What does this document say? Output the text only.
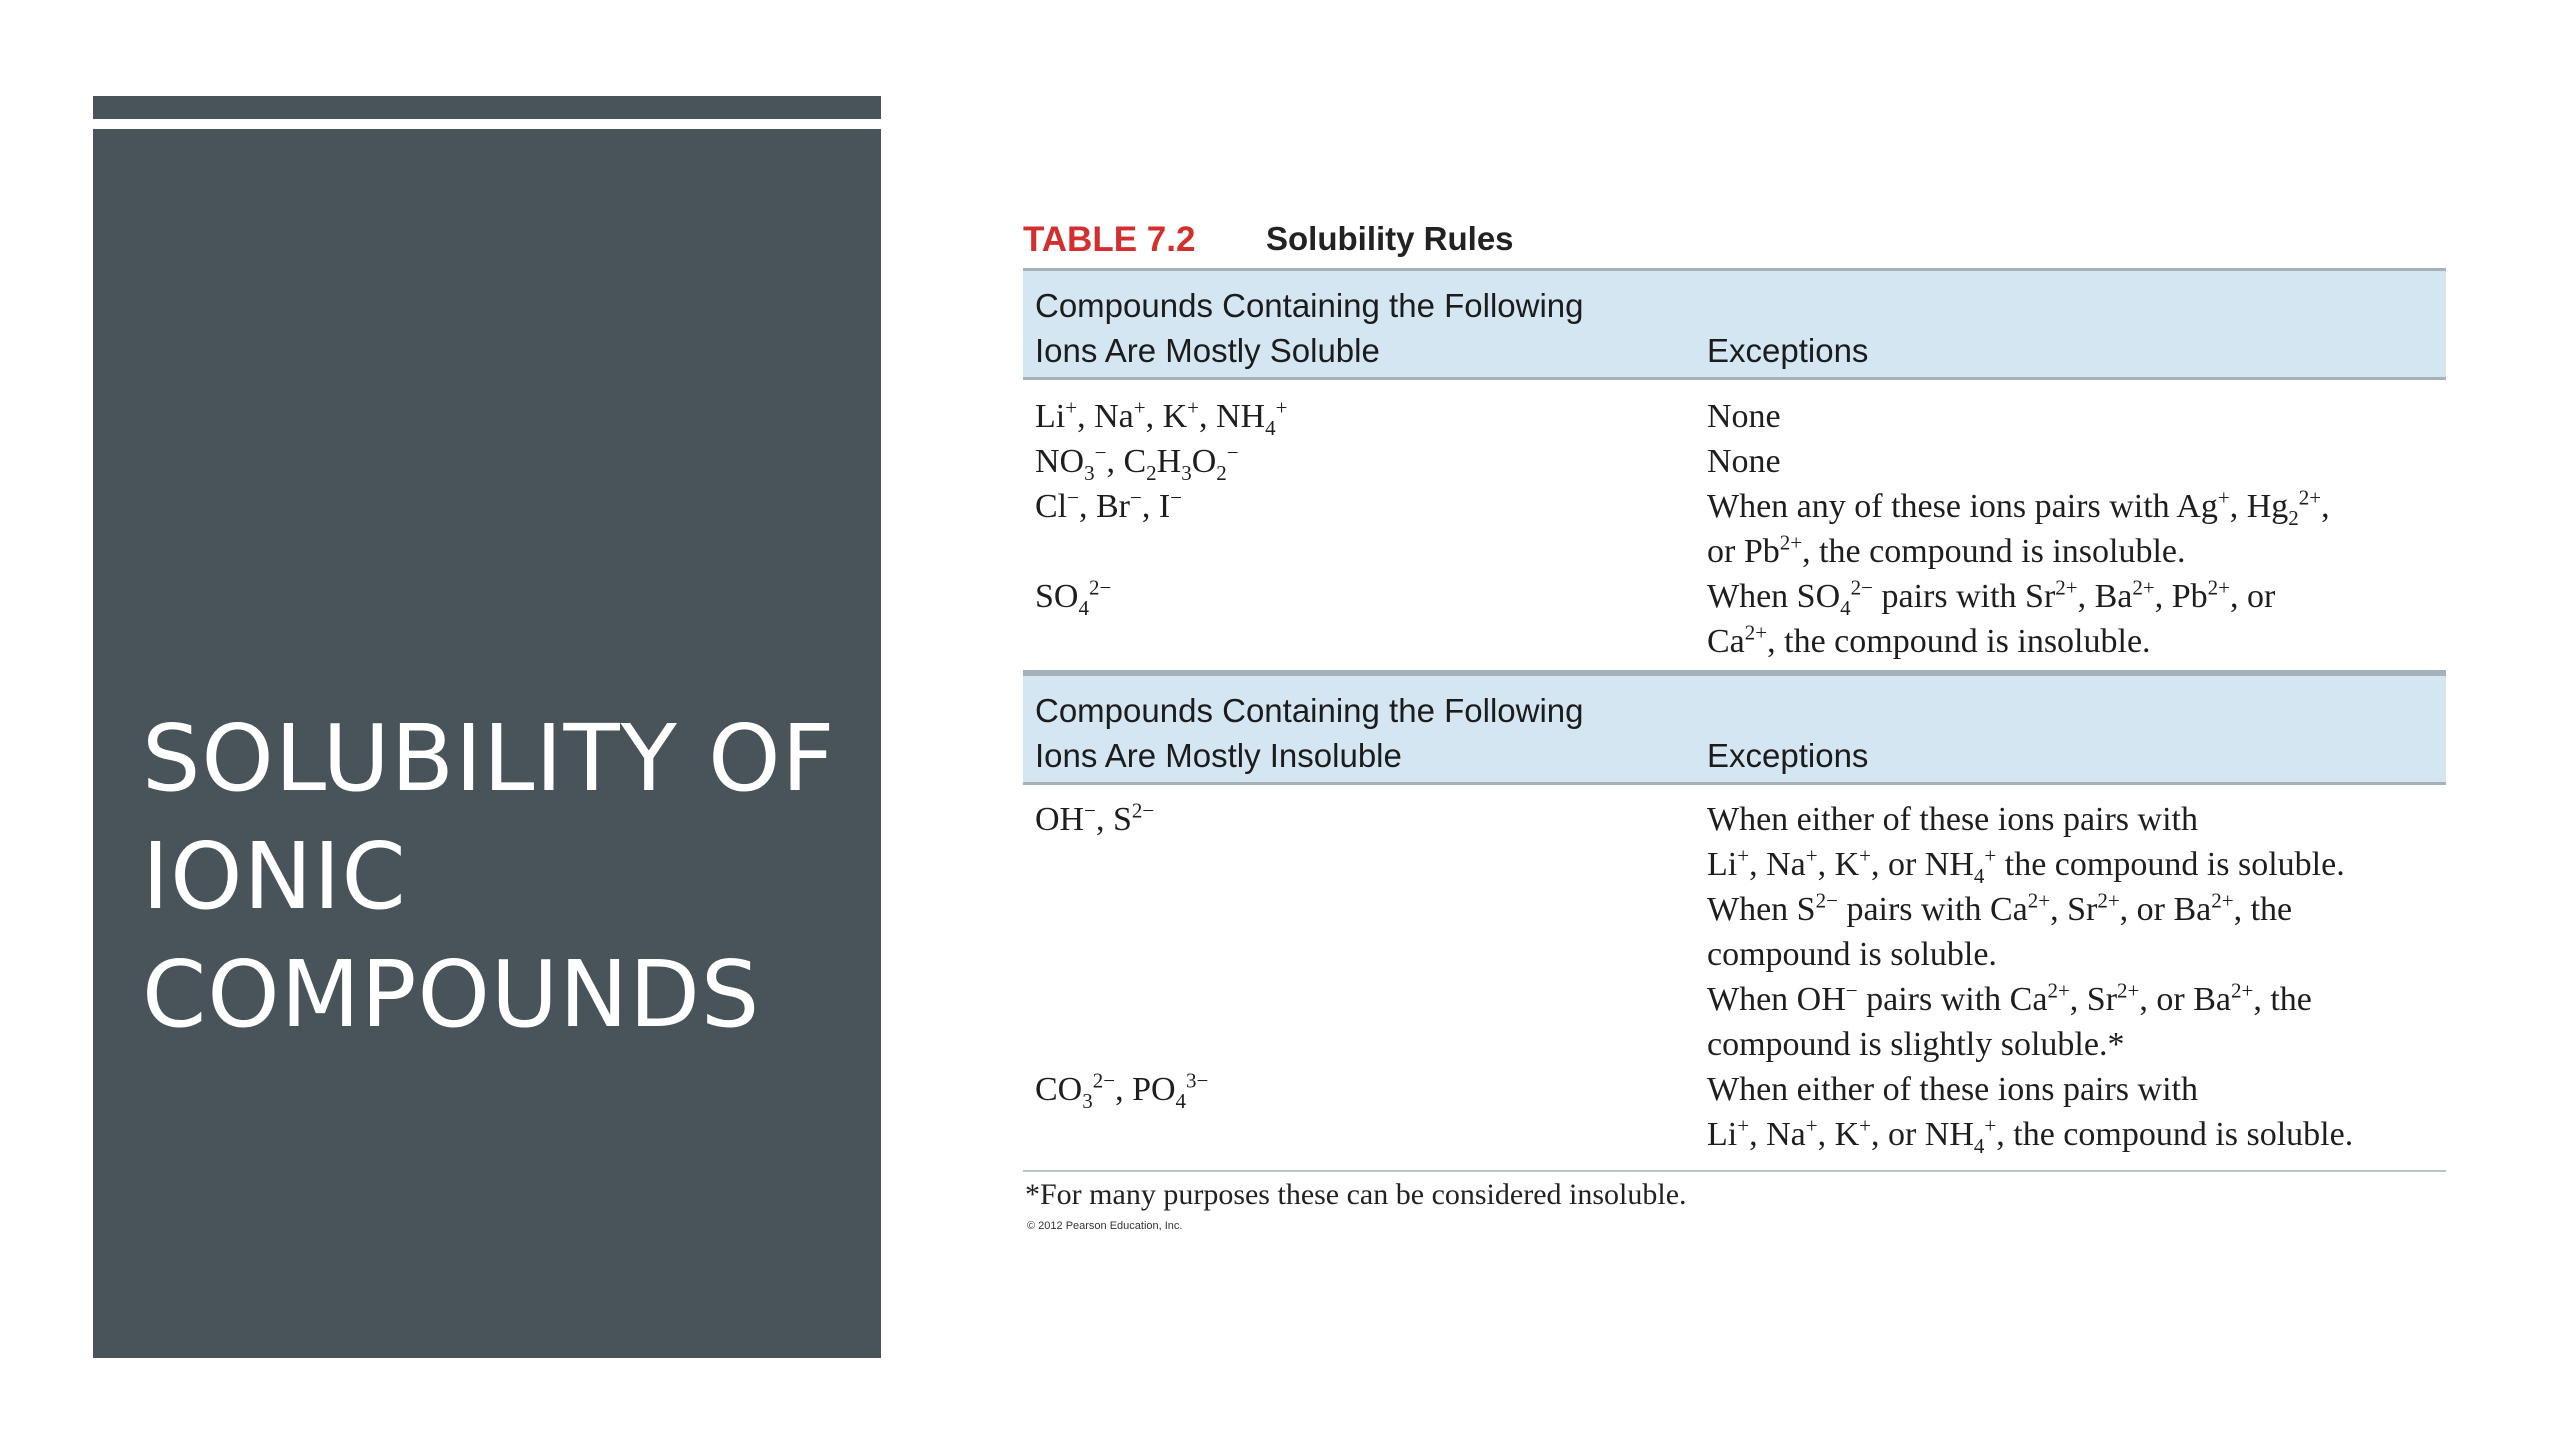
SOLUBILITY OF
IONIC
COMPOUNDS
TABLE 7.2 Solubility Rules
Compounds Containing the Following
Ions Are Mostly Soluble	Exceptions
Li+, Na+, K+, $NH_4^+$	None
$NO_3^-$, $C_2H_3O_2^-$	None
Cl−, Br−, I−	When any of these ions pairs with Ag+, $Hg_2^{2+}$,
or $Pb^{2+}$, the compound is insoluble.
$SO_4^{2-}$	When $SO_4^{2-}$ pairs with $Sr^{2+}$, $Ba^{2+}$, $Pb^{2+}$, or
$Ca^{2+}$, the compound is insoluble.
Compounds Containing the Following
Ions Are Mostly Insoluble	Exceptions
OH−, $S^{2-}$	When either of these ions pairs with
Li+, Na+, K+, or $NH_4^+$ the compound is soluble.
When $S^{2-}$ pairs with $Ca^{2+}$, $Sr^{2+}$, or $Ba^{2+}$, the
compound is soluble.
When OH− pairs with $Ca^{2+}$, $Sr^{2+}$, or $Ba^{2+}$, the
compound is slightly soluble.*
$CO_3^{2-}$, $PO_4^{3-}$	When either of these ions pairs with
Li+, Na+, K+, or $NH_4^+$, the compound is soluble.
*For many purposes these can be considered insoluble.
© 2012 Pearson Education, Inc.
